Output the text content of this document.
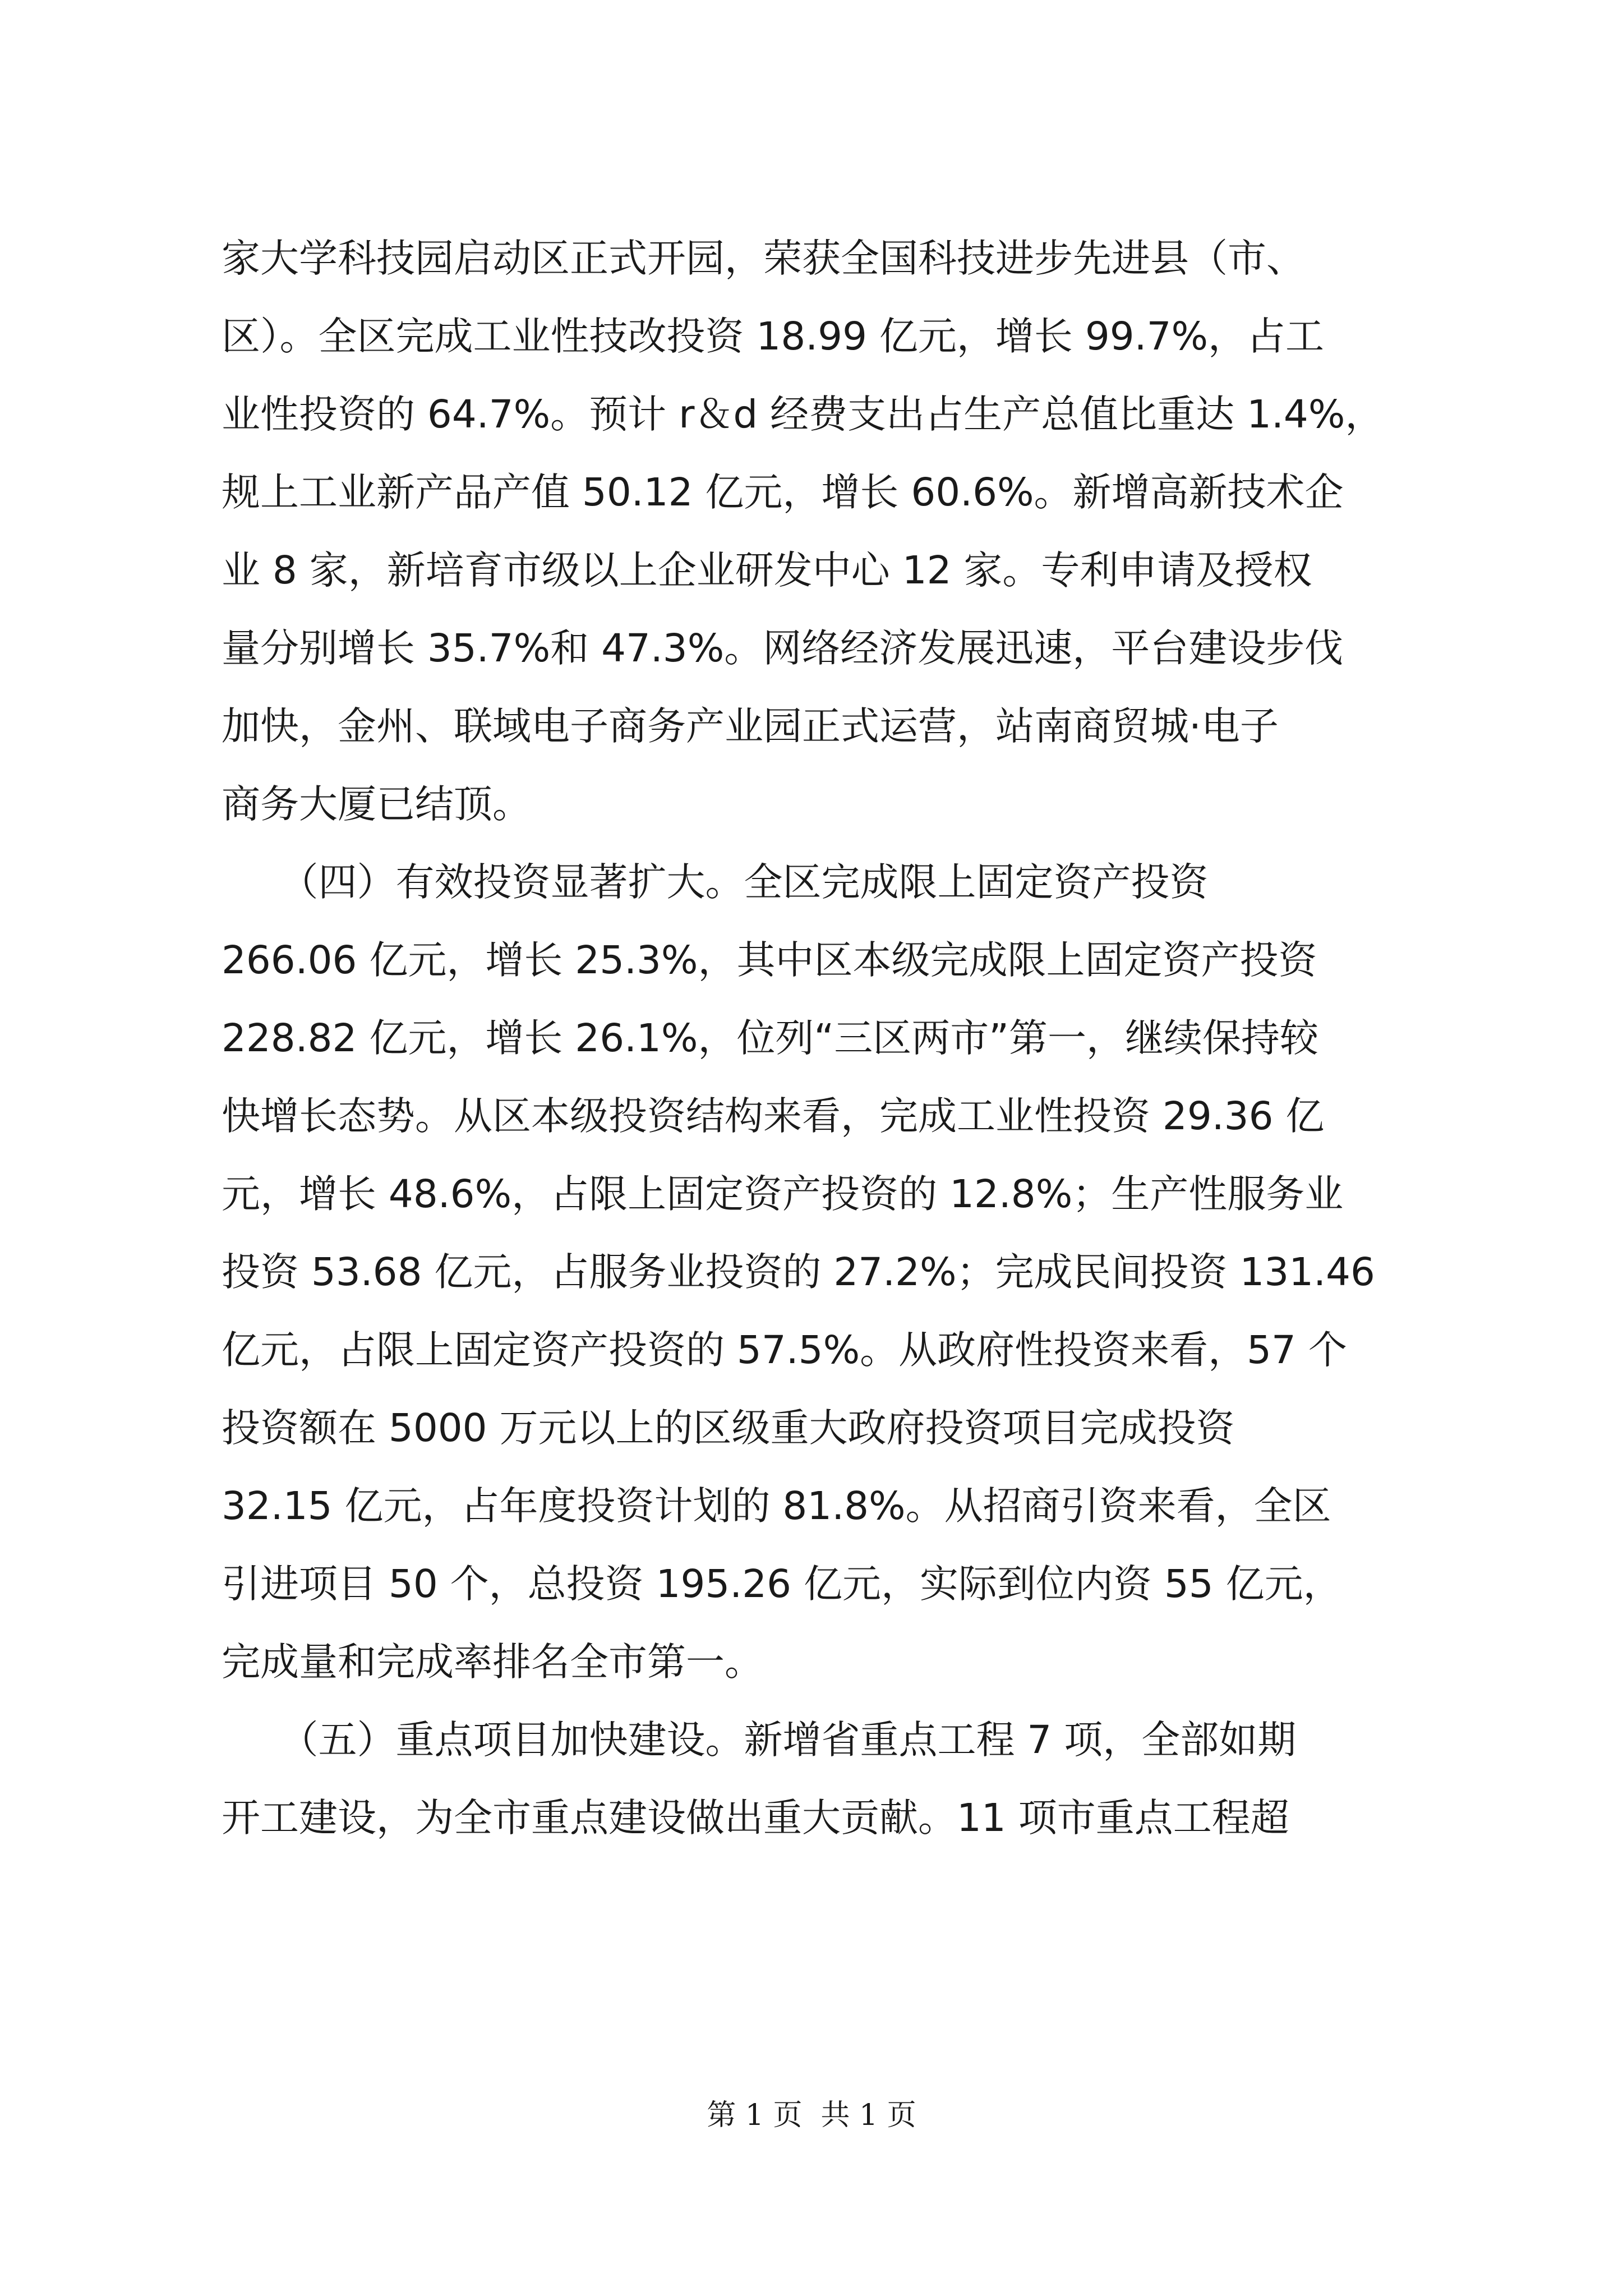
家大学科技园启动区正式开园，荣获全国科技进步先进县（市、
区）。全区完成工业性技改投资 18.99 亿元，增长 99.7%，占工
业性投资的 64.7%。预计 r＆d 经费支出占生产总值比重达 1.4%，
规上工业新产品产值 50.12 亿元，增长 60.6%。新增高新技术企
业 8 家，新培育市级以上企业研发中心 12 家。专利申请及授权
量分别增长 35.7%和 47.3%。网络经济发展迅速，平台建设步伐
加快，金州、联域电子商务产业园正式运营，站南商贸城·电子
商务大厦已结顶。
　　（四）有效投资显著扩大。全区完成限上固定资产投资
266.06 亿元，增长 25.3%，其中区本级完成限上固定资产投资
228.82 亿元，增长 26.1%，位列“三区两市”第一，继续保持较
快增长态势。从区本级投资结构来看，完成工业性投资 29.36 亿
元，增长 48.6%，占限上固定资产投资的 12.8%；生产性服务业
投资 53.68 亿元，占服务业投资的 27.2%；完成民间投资 131.46
亿元，占限上固定资产投资的 57.5%。从政府性投资来看，57 个
投资额在 5000 万元以上的区级重大政府投资项目完成投资
32.15 亿元，占年度投资计划的 81.8%。从招商引资来看，全区
引进项目 50 个，总投资 195.26 亿元，实际到位内资 55 亿元，
完成量和完成率排名全市第一。
　　（五）重点项目加快建设。新增省重点工程 7 项，全部如期
开工建设，为全市重点建设做出重大贡献。11 项市重点工程超
第 1 页  共 1 页
